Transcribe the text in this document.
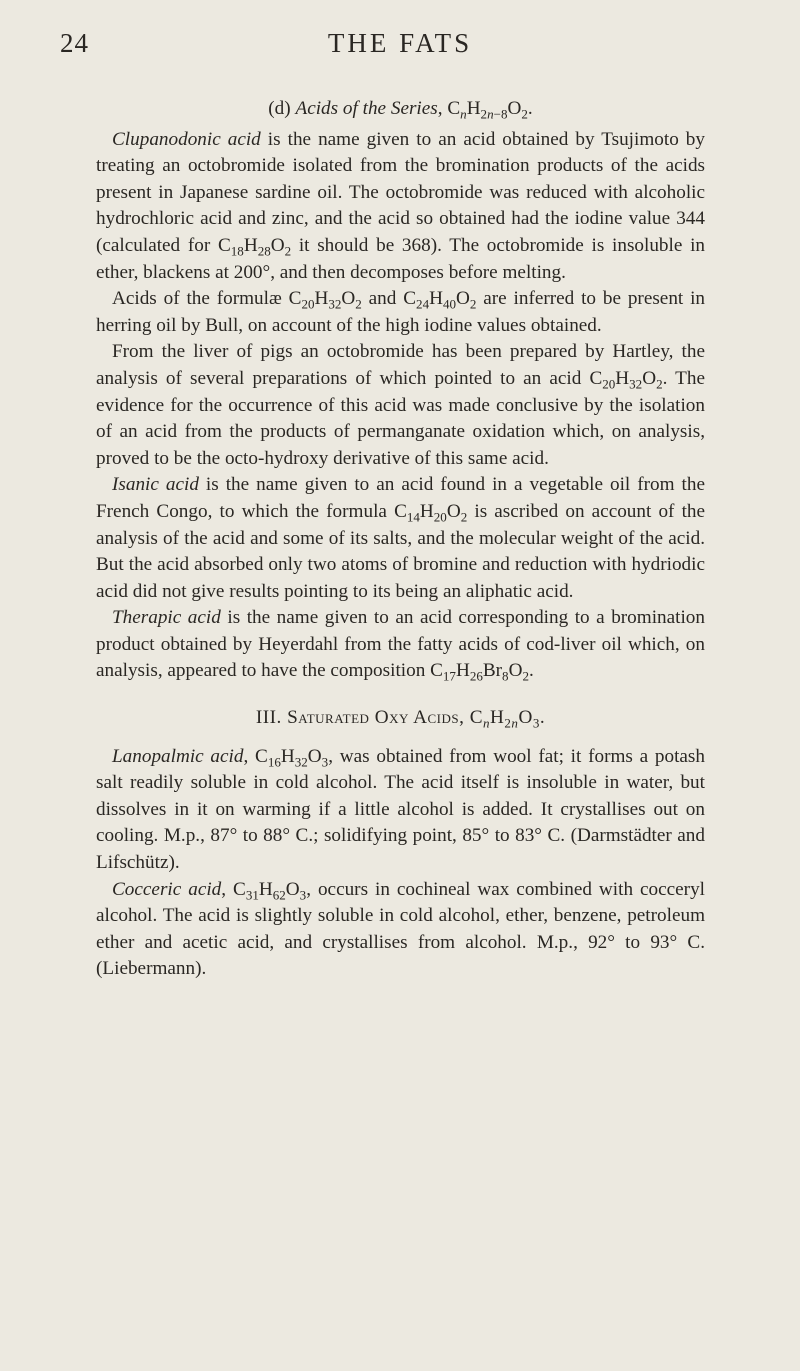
24	THE FATS

(d) Acids of the Series, $C_nH_{2n-8}O_2$.

Clupanodonic acid is the name given to an acid obtained by Tsujimoto by treating an octobromide isolated from the bromination products of the acids present in Japanese sardine oil. The octobromide was reduced with alcoholic hydrochloric acid and zinc, and the acid so obtained had the iodine value 344 (calculated for $C_{18}H_{28}O_2$ it should be 368). The octobromide is insoluble in ether, blackens at 200°, and then decomposes before melting.

Acids of the formulæ $C_{20}H_{32}O_2$ and $C_{24}H_{40}O_2$ are inferred to be present in herring oil by Bull, on account of the high iodine values obtained.

From the liver of pigs an octobromide has been prepared by Hartley, the analysis of several preparations of which pointed to an acid $C_{20}H_{32}O_2$. The evidence for the occurrence of this acid was made conclusive by the isolation of an acid from the products of permanganate oxidation which, on analysis, proved to be the octo-hydroxy derivative of this same acid.

Isanic acid is the name given to an acid found in a vegetable oil from the French Congo, to which the formula $C_{14}H_{20}O_2$ is ascribed on account of the analysis of the acid and some of its salts, and the molecular weight of the acid. But the acid absorbed only two atoms of bromine and reduction with hydriodic acid did not give results pointing to its being an aliphatic acid.

Therapic acid is the name given to an acid corresponding to a bromination product obtained by Heyerdahl from the fatty acids of cod-liver oil which, on analysis, appeared to have the composition $C_{17}H_{26}Br_8O_2$.

III. Saturated Oxy Acids, $C_nH_{2n}O_3$.

Lanopalmic acid, $C_{16}H_{32}O_3$, was obtained from wool fat; it forms a potash salt readily soluble in cold alcohol. The acid itself is insoluble in water, but dissolves in it on warming if a little alcohol is added. It crystallises out on cooling. M.p., 87° to 88° C.; solidifying point, 85° to 83° C. (Darmstädter and Lifschütz).

Cocceric acid, $C_{31}H_{62}O_3$, occurs in cochineal wax combined with cocceryl alcohol. The acid is slightly soluble in cold alcohol, ether, benzene, petroleum ether and acetic acid, and crystallises from alcohol. M.p., 92° to 93° C. (Liebermann).
